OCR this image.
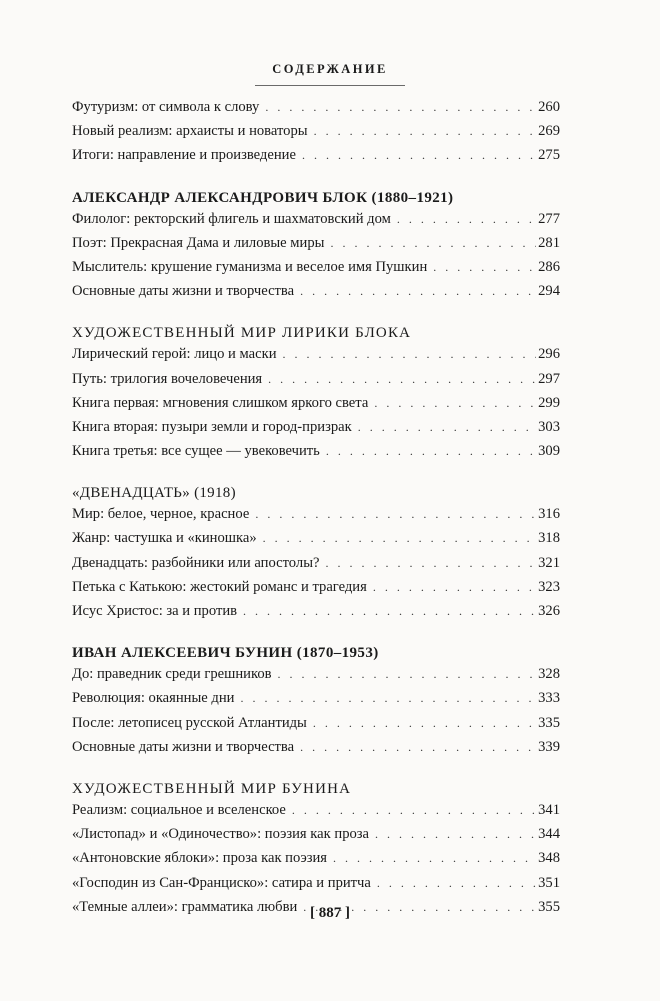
СОДЕРЖАНИЕ
Футуризм: от символа к слову . . .	260
Новый реализм: архаисты и новаторы . . .	269
Итоги: направление и произведение . . .	275
АЛЕКСАНДР АЛЕКСАНДРОВИЧ БЛОК (1880–1921)
Филолог: ректорский флигель и шахматовский дом . . .	277
Поэт: Прекрасная Дама и лиловые миры . . .	281
Мыслитель: крушение гуманизма и веселое имя Пушкин . . .	286
Основные даты жизни и творчества . . .	294
ХУДОЖЕСТВЕННЫЙ МИР ЛИРИКИ БЛОКА
Лирический герой: лицо и маски . . .	296
Путь: трилогия вочеловечения . . .	297
Книга первая: мгновения слишком яркого света . . .	299
Книга вторая: пузыри земли и город-призрак . . .	303
Книга третья: все сущее — увековечить . . .	309
«ДВЕНАДЦАТЬ» (1918)
Мир: белое, черное, красное . . .	316
Жанр: частушка и «киношка» . . .	318
Двенадцать: разбойники или апостолы? . . .	321
Петька с Катькою: жестокий романс и трагедия . . .	323
Исус Христос: за и против . . .	326
ИВАН АЛЕКСЕЕВИЧ БУНИН (1870–1953)
До: праведник среди грешников . . .	328
Революция: окаянные дни . . .	333
После: летописец русской Атлантиды . . .	335
Основные даты жизни и творчества . . .	339
ХУДОЖЕСТВЕННЫЙ МИР БУНИНА
Реализм: социальное и вселенское . . .	341
«Листопад» и «Одиночество»: поэзия как проза . . .	344
«Антоновские яблоки»: проза как поэзия . . .	348
«Господин из Сан-Франциско»: сатира и притча . . .	351
«Темные аллеи»: грамматика любви . . .	355
[ 887 ]
